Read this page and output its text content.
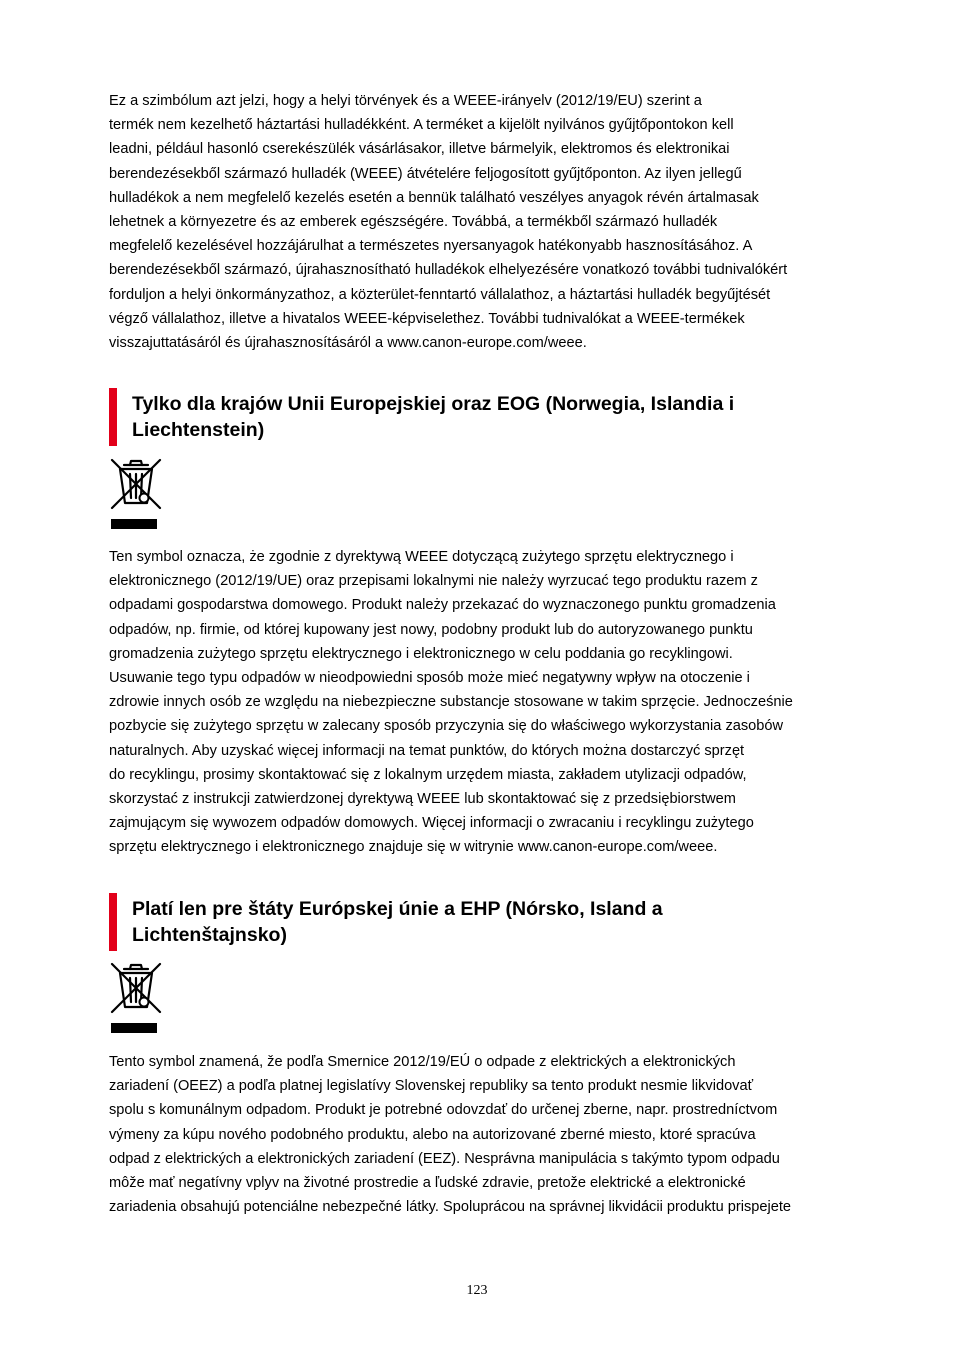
Ez a szimbólum azt jelzi, hogy a helyi törvények és a WEEE-irányelv (2012/19/EU) szerint a
termék nem kezelhető háztartási hulladékként. A terméket a kijelölt nyilvános gyűjtőpontokon kell
leadni, például hasonló cserekészülék vásárlásakor, illetve bármelyik, elektromos és elektronikai
berendezésekből származó hulladék (WEEE) átvételére feljogosított gyűjtőponton. Az ilyen jellegű
hulladékok a nem megfelelő kezelés esetén a bennük található veszélyes anyagok révén ártalmasak
lehetnek a környezetre és az emberek egészségére. Továbbá, a termékből származó hulladék
megfelelő kezelésével hozzájárulhat a természetes nyersanyagok hatékonyabb hasznosításához. A
berendezésekből származó, újrahasznosítható hulladékok elhelyezésére vonatkozó további tudnivalókért
forduljon a helyi önkormányzathoz, a közterület-fenntartó vállalathoz, a háztartási hulladék begyűjtését
végző vállalathoz, illetve a hivatalos WEEE-képviselethez. További tudnivalókat a WEEE-termékek
visszajuttatásáról és újrahasznosításáról a www.canon-europe.com/weee.
Tylko dla krajów Unii Europejskiej oraz EOG (Norwegia, Islandia i
Liechtenstein)
Ten symbol oznacza, że zgodnie z dyrektywą WEEE dotyczącą zużytego sprzętu elektrycznego i
elektronicznego (2012/19/UE) oraz przepisami lokalnymi nie należy wyrzucać tego produktu razem z
odpadami gospodarstwa domowego. Produkt należy przekazać do wyznaczonego punktu gromadzenia
odpadów, np. firmie, od której kupowany jest nowy, podobny produkt lub do autoryzowanego punktu
gromadzenia zużytego sprzętu elektrycznego i elektronicznego w celu poddania go recyklingowi.
Usuwanie tego typu odpadów w nieodpowiedni sposób może mieć negatywny wpływ na otoczenie i
zdrowie innych osób ze względu na niebezpieczne substancje stosowane w takim sprzęcie. Jednocześnie
pozbycie się zużytego sprzętu w zalecany sposób przyczynia się do właściwego wykorzystania zasobów
naturalnych. Aby uzyskać więcej informacji na temat punktów, do których można dostarczyć sprzęt
do recyklingu, prosimy skontaktować się z lokalnym urzędem miasta, zakładem utylizacji odpadów,
skorzystać z instrukcji zatwierdzonej dyrektywą WEEE lub skontaktować się z przedsiębiorstwem
zajmującym się wywozem odpadów domowych. Więcej informacji o zwracaniu i recyklingu zużytego
sprzętu elektrycznego i elektronicznego znajduje się w witrynie www.canon-europe.com/weee.
Platí len pre štáty Európskej únie a EHP (Nórsko, Island a
Lichtenštajnsko)
Tento symbol znamená, že podľa Smernice 2012/19/EÚ o odpade z elektrických a elektronických
zariadení (OEEZ) a podľa platnej legislatívy Slovenskej republiky sa tento produkt nesmie likvidovať
spolu s komunálnym odpadom. Produkt je potrebné odovzdať do určenej zberne, napr. prostredníctvom
výmeny za kúpu nového podobného produktu, alebo na autorizované zberné miesto, ktoré spracúva
odpad z elektrických a elektronických zariadení (EEZ). Nesprávna manipulácia s takýmto typom odpadu
môže mať negatívny vplyv na životné prostredie a ľudské zdravie, pretože elektrické a elektronické
zariadenia obsahujú potenciálne nebezpečné látky. Spoluprácou na správnej likvidácii produktu prispejete
123
